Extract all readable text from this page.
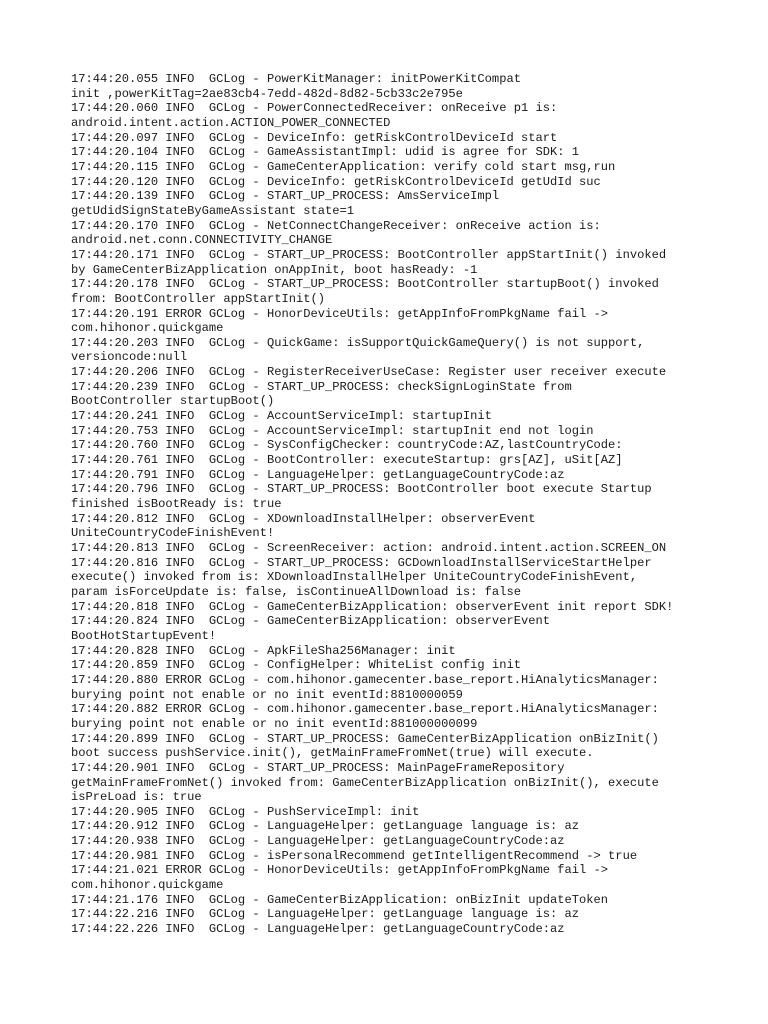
17:44:20.055 INFO  GCLog - PowerKitManager: initPowerKitCompat
init ,powerKitTag=2ae83cb4-7edd-482d-8d82-5cb33c2e795e
17:44:20.060 INFO  GCLog - PowerConnectedReceiver: onReceive p1 is:
android.intent.action.ACTION_POWER_CONNECTED
17:44:20.097 INFO  GCLog - DeviceInfo: getRiskControlDeviceId start
17:44:20.104 INFO  GCLog - GameAssistantImpl: udid is agree for SDK: 1
17:44:20.115 INFO  GCLog - GameCenterApplication: verify cold start msg,run
17:44:20.120 INFO  GCLog - DeviceInfo: getRiskControlDeviceId getUdId suc
17:44:20.139 INFO  GCLog - START_UP_PROCESS: AmsServiceImpl
getUdidSignStateByGameAssistant state=1
17:44:20.170 INFO  GCLog - NetConnectChangeReceiver: onReceive action is:
android.net.conn.CONNECTIVITY_CHANGE
17:44:20.171 INFO  GCLog - START_UP_PROCESS: BootController appStartInit() invoked
by GameCenterBizApplication onAppInit, boot hasReady: -1
17:44:20.178 INFO  GCLog - START_UP_PROCESS: BootController startupBoot() invoked
from: BootController appStartInit()
17:44:20.191 ERROR GCLog - HonorDeviceUtils: getAppInfoFromPkgName fail ->
com.hihonor.quickgame
17:44:20.203 INFO  GCLog - QuickGame: isSupportQuickGameQuery() is not support,
versioncode:null
17:44:20.206 INFO  GCLog - RegisterReceiverUseCase: Register user receiver execute
17:44:20.239 INFO  GCLog - START_UP_PROCESS: checkSignLoginState from
BootController startupBoot()
17:44:20.241 INFO  GCLog - AccountServiceImpl: startupInit
17:44:20.753 INFO  GCLog - AccountServiceImpl: startupInit end not login
17:44:20.760 INFO  GCLog - SysConfigChecker: countryCode:AZ,lastCountryCode:
17:44:20.761 INFO  GCLog - BootController: executeStartup: grs[AZ], uSit[AZ]
17:44:20.791 INFO  GCLog - LanguageHelper: getLanguageCountryCode:az
17:44:20.796 INFO  GCLog - START_UP_PROCESS: BootController boot execute Startup
finished isBootReady is: true
17:44:20.812 INFO  GCLog - XDownloadInstallHelper: observerEvent
UniteCountryCodeFinishEvent!
17:44:20.813 INFO  GCLog - ScreenReceiver: action: android.intent.action.SCREEN_ON
17:44:20.816 INFO  GCLog - START_UP_PROCESS: GCDownloadInstallServiceStartHelper
execute() invoked from is: XDownloadInstallHelper UniteCountryCodeFinishEvent,
param isForceUpdate is: false, isContinueAllDownload is: false
17:44:20.818 INFO  GCLog - GameCenterBizApplication: observerEvent init report SDK!
17:44:20.824 INFO  GCLog - GameCenterBizApplication: observerEvent
BootHotStartupEvent!
17:44:20.828 INFO  GCLog - ApkFileSha256Manager: init
17:44:20.859 INFO  GCLog - ConfigHelper: WhiteList config init
17:44:20.880 ERROR GCLog - com.hihonor.gamecenter.base_report.HiAnalyticsManager:
burying point not enable or no init eventId:8810000059
17:44:20.882 ERROR GCLog - com.hihonor.gamecenter.base_report.HiAnalyticsManager:
burying point not enable or no init eventId:881000000099
17:44:20.899 INFO  GCLog - START_UP_PROCESS: GameCenterBizApplication onBizInit()
boot success pushService.init(), getMainFrameFromNet(true) will execute.
17:44:20.901 INFO  GCLog - START_UP_PROCESS: MainPageFrameRepository
getMainFrameFromNet() invoked from: GameCenterBizApplication onBizInit(), execute
isPreLoad is: true
17:44:20.905 INFO  GCLog - PushServiceImpl: init
17:44:20.912 INFO  GCLog - LanguageHelper: getLanguage language is: az
17:44:20.938 INFO  GCLog - LanguageHelper: getLanguageCountryCode:az
17:44:20.981 INFO  GCLog - isPersonalRecommend getIntelligentRecommend -> true
17:44:21.021 ERROR GCLog - HonorDeviceUtils: getAppInfoFromPkgName fail ->
com.hihonor.quickgame
17:44:21.176 INFO  GCLog - GameCenterBizApplication: onBizInit updateToken
17:44:22.216 INFO  GCLog - LanguageHelper: getLanguage language is: az
17:44:22.226 INFO  GCLog - LanguageHelper: getLanguageCountryCode:az
